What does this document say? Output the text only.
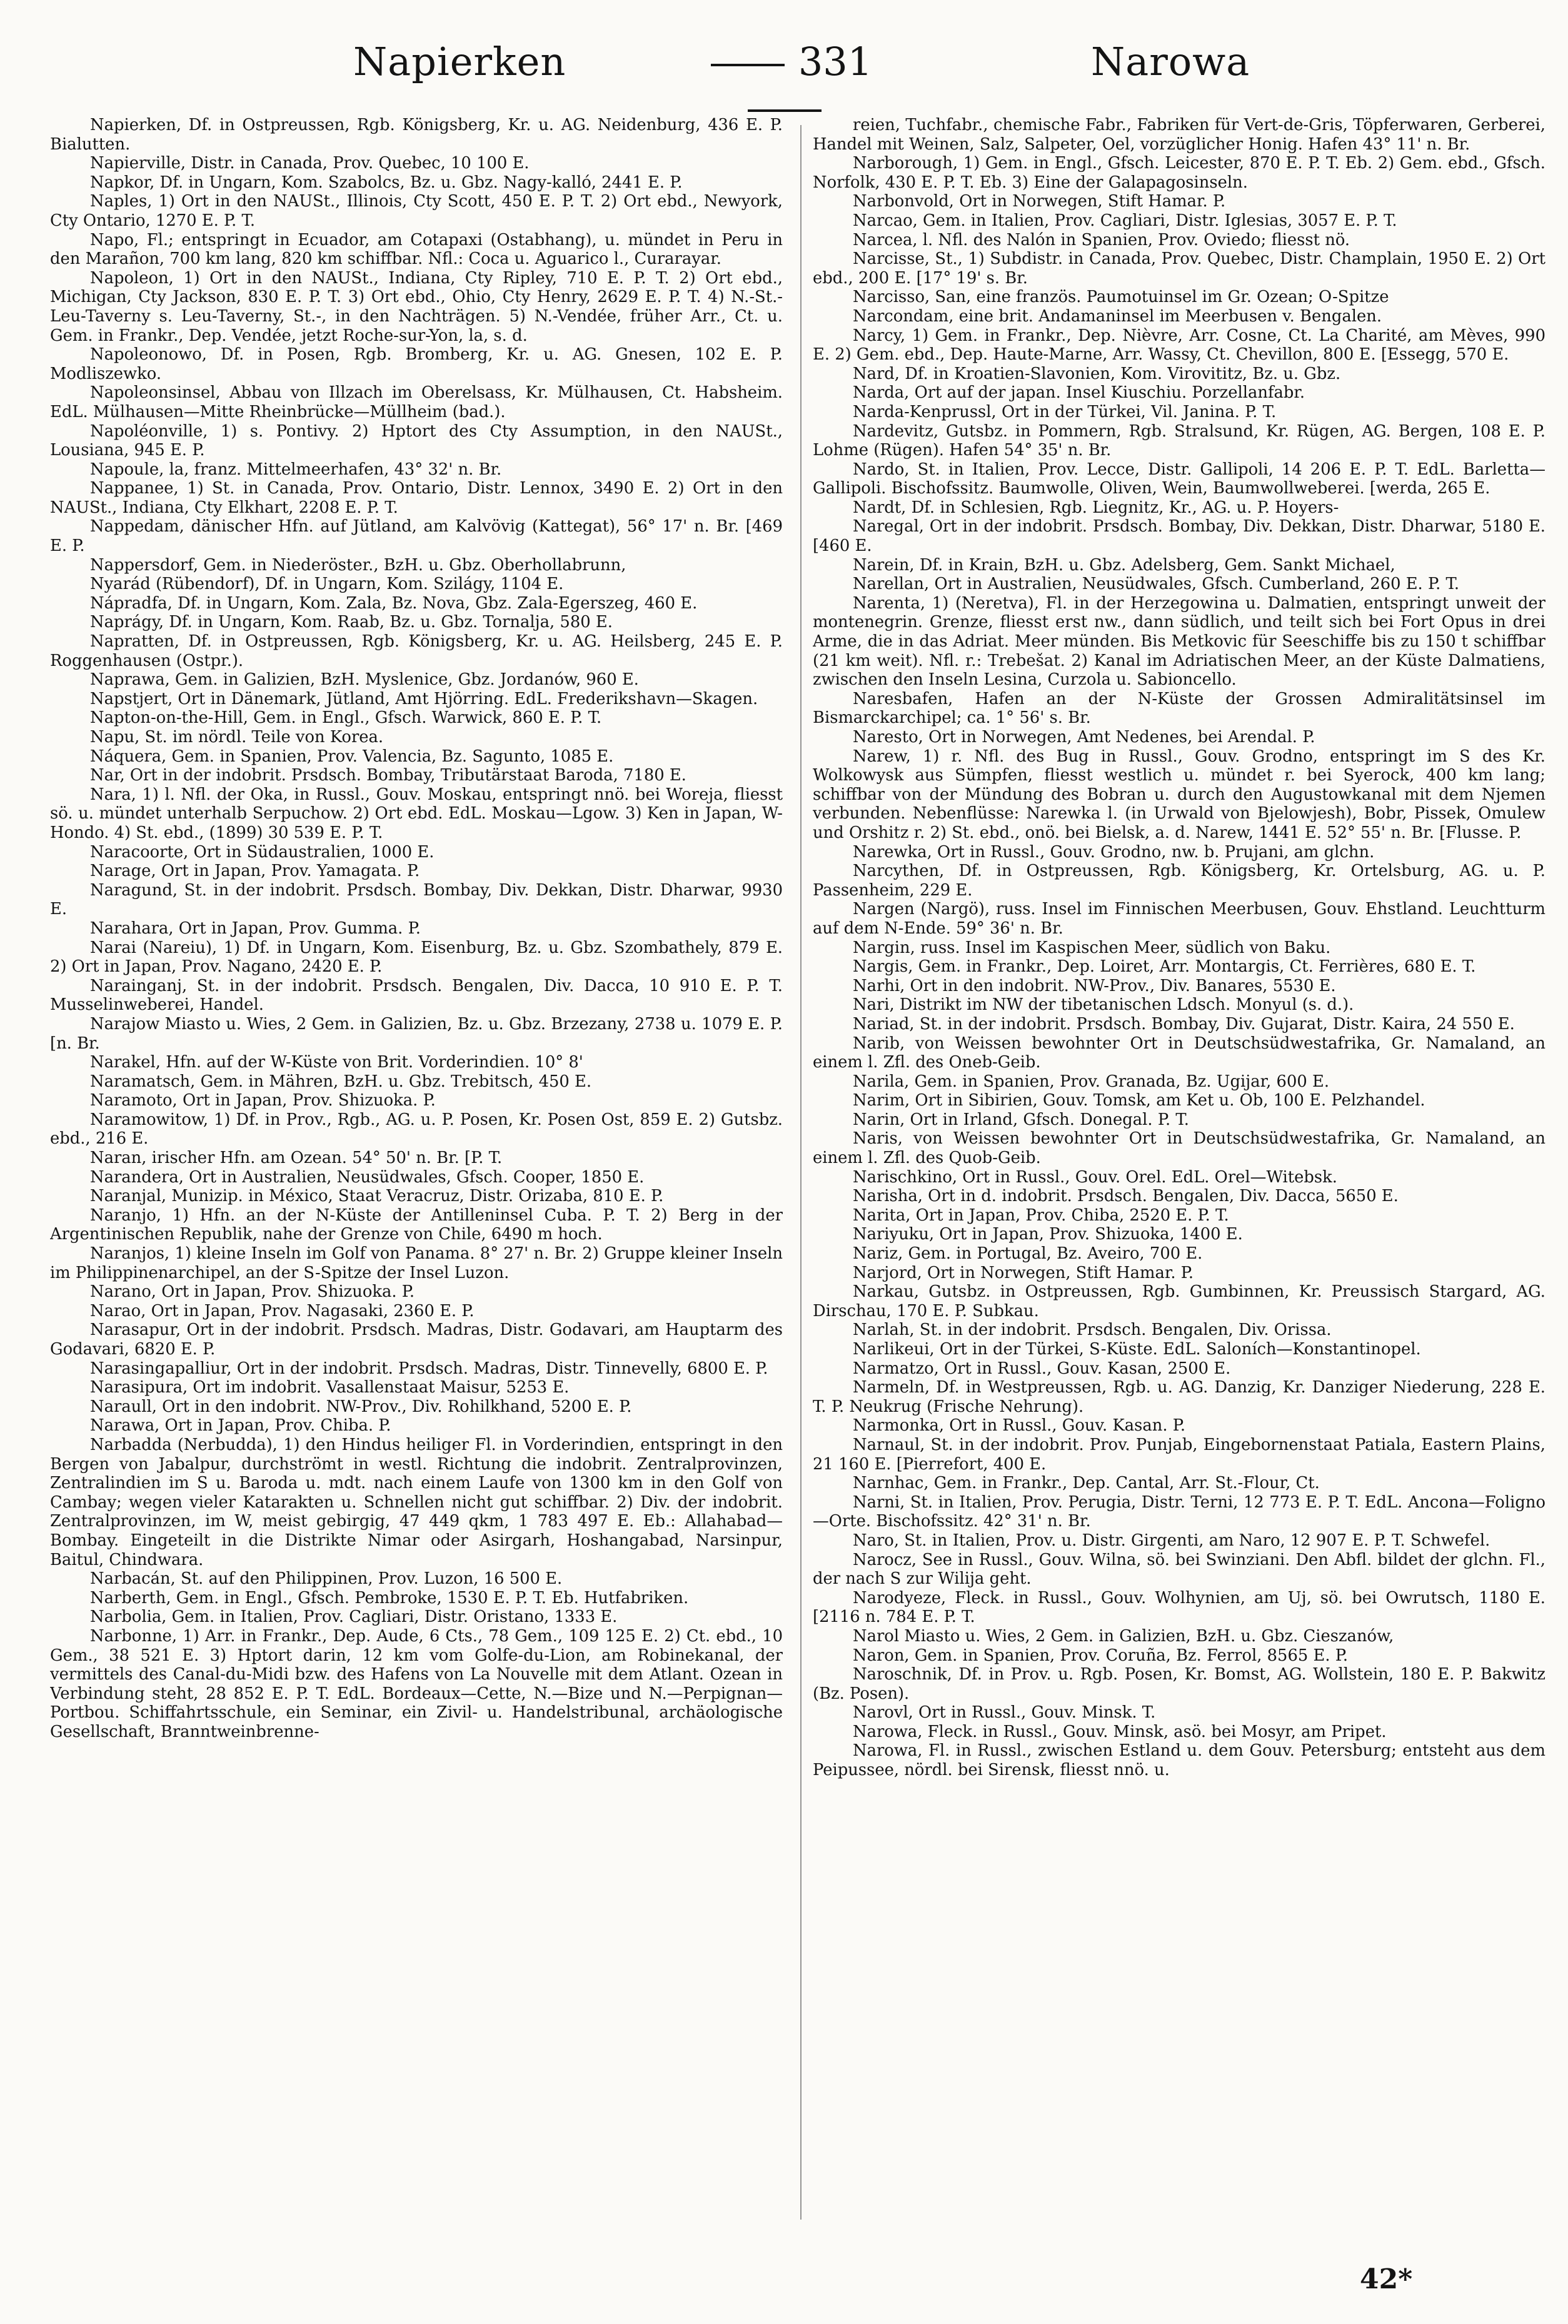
Napierken	331	Narowa

Napierken, Df. in Ostpreussen, Rgb. Königsberg, Kr. u. AG. Neidenburg, 436 E. P. Bialutten.

Napierville, Distr. in Canada, Prov. Quebec, 10 100 E.

Napkor, Df. in Ungarn, Kom. Szabolcs, Bz. u. Gbz. Nagy-kalló, 2441 E. P.

Naples, 1) Ort in den NAUSt., Illinois, Cty Scott, 450 E. P. T. 2) Ort ebd., Newyork, Cty Ontario, 1270 E. P. T.

Napo, Fl.; entspringt in Ecuador, am Cotapaxi (Ostabhang), u. mündet in Peru in den Marañon, 700 km lang, 820 km schiffbar. Nfl.: Coca u. Aguarico l., Curarayar.

Napoleon, 1) Ort in den NAUSt., Indiana, Cty Ripley, 710 E. P. T. 2) Ort ebd., Michigan, Cty Jackson, 830 E. P. T. 3) Ort ebd., Ohio, Cty Henry, 2629 E. P. T. 4) N.-St.-Leu-Taverny s. Leu-Taverny, St.-, in den Nachträgen. 5) N.-Vendée, früher Arr., Ct. u. Gem. in Frankr., Dep. Vendée, jetzt Roche-sur-Yon, la, s. d.

Napoleonowo, Df. in Posen, Rgb. Bromberg, Kr. u. AG. Gnesen, 102 E. P. Modliszewko.

Napoleonsinsel, Abbau von Illzach im Oberelsass, Kr. Mülhausen, Ct. Habsheim. EdL. Mülhausen—Mitte Rheinbrücke—Müllheim (bad.).

Napoléonville, 1) s. Pontivy. 2) Hptort des Cty Assumption, in den NAUSt., Lousiana, 945 E. P.

Napoule, la, franz. Mittelmeerhafen, 43° 32' n. Br.

Nappanee, 1) St. in Canada, Prov. Ontario, Distr. Lennox, 3490 E. 2) Ort in den NAUSt., Indiana, Cty Elkhart, 2208 E. P. T.

Nappedam, dänischer Hfn. auf Jütland, am Kalvövig (Kattegat), 56° 17' n. Br. [469 E. P.

Nappersdorf, Gem. in Niederöster., BzH. u. Gbz. Oberhollabrunn,

Nyarád (Rübendorf), Df. in Ungarn, Kom. Szilágy, 1104 E.

Nápradfa, Df. in Ungarn, Kom. Zala, Bz. Nova, Gbz. Zala-Egerszeg, 460 E.

Naprágy, Df. in Ungarn, Kom. Raab, Bz. u. Gbz. Tornalja, 580 E.

Napratten, Df. in Ostpreussen, Rgb. Königsberg, Kr. u. AG. Heilsberg, 245 E. P. Roggenhausen (Ostpr.).

Naprawa, Gem. in Galizien, BzH. Myslenice, Gbz. Jordanów, 960 E.

Napstjert, Ort in Dänemark, Jütland, Amt Hjörring. EdL. Frederikshavn—Skagen.

Napton-on-the-Hill, Gem. in Engl., Gfsch. Warwick, 860 E. P. T.

Napu, St. im nördl. Teile von Korea.

Náquera, Gem. in Spanien, Prov. Valencia, Bz. Sagunto, 1085 E.

Nar, Ort in der indobrit. Prsdsch. Bombay, Tributärstaat Baroda, 7180 E.

Nara, 1) l. Nfl. der Oka, in Russl., Gouv. Moskau, entspringt nnö. bei Woreja, fliesst sö. u. mündet unterhalb Serpuchow. 2) Ort ebd. EdL. Moskau—Lgow. 3) Ken in Japan, W-Hondo. 4) St. ebd., (1899) 30 539 E. P. T.

Naracoorte, Ort in Südaustralien, 1000 E.

Narage, Ort in Japan, Prov. Yamagata. P.

Naragund, St. in der indobrit. Prsdsch. Bombay, Div. Dekkan, Distr. Dharwar, 9930 E.

Narahara, Ort in Japan, Prov. Gumma. P.

Narai (Nareiu), 1) Df. in Ungarn, Kom. Eisenburg, Bz. u. Gbz. Szombathely, 879 E. 2) Ort in Japan, Prov. Nagano, 2420 E. P.

Narainganj, St. in der indobrit. Prsdsch. Bengalen, Div. Dacca, 10 910 E. P. T. Musselinweberei, Handel.

Narajow Miasto u. Wies, 2 Gem. in Galizien, Bz. u. Gbz. Brzezany, 2738 u. 1079 E. P. [n. Br.

Narakel, Hfn. auf der W-Küste von Brit. Vorderindien. 10° 8'

Naramatsch, Gem. in Mähren, BzH. u. Gbz. Trebitsch, 450 E.

Naramoto, Ort in Japan, Prov. Shizuoka. P.

Naramowitow, 1) Df. in Prov., Rgb., AG. u. P. Posen, Kr. Posen Ost, 859 E. 2) Gutsbz. ebd., 216 E.

Naran, irischer Hfn. am Ozean. 54° 50' n. Br. [P. T.

Narandera, Ort in Australien, Neusüdwales, Gfsch. Cooper, 1850 E.

Naranjal, Munizip. in México, Staat Veracruz, Distr. Orizaba, 810 E. P.

Naranjo, 1) Hfn. an der N-Küste der Antilleninsel Cuba. P. T. 2) Berg in der Argentinischen Republik, nahe der Grenze von Chile, 6490 m hoch.

Naranjos, 1) kleine Inseln im Golf von Panama. 8° 27' n. Br. 2) Gruppe kleiner Inseln im Philippinenarchipel, an der S-Spitze der Insel Luzon.

Narano, Ort in Japan, Prov. Shizuoka. P.

Narao, Ort in Japan, Prov. Nagasaki, 2360 E. P.

Narasapur, Ort in der indobrit. Prsdsch. Madras, Distr. Godavari, am Hauptarm des Godavari, 6820 E. P.

Narasingapalliur, Ort in der indobrit. Prsdsch. Madras, Distr. Tinnevelly, 6800 E. P.

Narasipura, Ort im indobrit. Vasallenstaat Maisur, 5253 E.

Naraull, Ort in den indobrit. NW-Prov., Div. Rohilkhand, 5200 E. P.

Narawa, Ort in Japan, Prov. Chiba. P.

Narbadda (Nerbudda), 1) den Hindus heiliger Fl. in Vorderindien, entspringt in den Bergen von Jabalpur, durchströmt in westl. Richtung die indobrit. Zentralprovinzen, Zentralindien im S u. Baroda u. mdt. nach einem Laufe von 1300 km in den Golf von Cambay; wegen vieler Katarakten u. Schnellen nicht gut schiffbar. 2) Div. der indobrit. Zentralprovinzen, im W, meist gebirgig, 47 449 qkm, 1 783 497 E. Eb.: Allahabad—Bombay. Eingeteilt in die Distrikte Nimar oder Asirgarh, Hoshangabad, Narsinpur, Baitul, Chindwara.

Narbacán, St. auf den Philippinen, Prov. Luzon, 16 500 E.

Narberth, Gem. in Engl., Gfsch. Pembroke, 1530 E. P. T. Eb. Hutfabriken.

Narbolia, Gem. in Italien, Prov. Cagliari, Distr. Oristano, 1333 E.

Narbonne, 1) Arr. in Frankr., Dep. Aude, 6 Cts., 78 Gem., 109 125 E. 2) Ct. ebd., 10 Gem., 38 521 E. 3) Hptort darin, 12 km vom Golfe-du-Lion, am Robinekanal, der vermittels des Canal-du-Midi bzw. des Hafens von La Nouvelle mit dem Atlant. Ozean in Verbindung steht, 28 852 E. P. T. EdL. Bordeaux—Cette, N.—Bize und N.—Perpignan—Portbou. Schiffahrtsschule, ein Seminar, ein Zivil- u. Handelstribunal, archäologische Gesellschaft, Branntweinbrenne-

reien, Tuchfabr., chemische Fabr., Fabriken für Vert-de-Gris, Töpferwaren, Gerberei, Handel mit Weinen, Salz, Salpeter, Oel, vorzüglicher Honig. Hafen 43° 11' n. Br.

Narborough, 1) Gem. in Engl., Gfsch. Leicester, 870 E. P. T. Eb. 2) Gem. ebd., Gfsch. Norfolk, 430 E. P. T. Eb. 3) Eine der Galapagosinseln.

Narbonvold, Ort in Norwegen, Stift Hamar. P.

Narcao, Gem. in Italien, Prov. Cagliari, Distr. Iglesias, 3057 E. P. T.

Narcea, l. Nfl. des Nalón in Spanien, Prov. Oviedo; fliesst nö.

Narcisse, St., 1) Subdistr. in Canada, Prov. Quebec, Distr. Champlain, 1950 E. 2) Ort ebd., 200 E. [17° 19' s. Br.

Narcisso, San, eine französ. Paumotuinsel im Gr. Ozean; O-Spitze

Narcondam, eine brit. Andamaninsel im Meerbusen v. Bengalen.

Narcy, 1) Gem. in Frankr., Dep. Nièvre, Arr. Cosne, Ct. La Charité, am Mèves, 990 E. 2) Gem. ebd., Dep. Haute-Marne, Arr. Wassy, Ct. Chevillon, 800 E. [Essegg, 570 E.

Nard, Df. in Kroatien-Slavonien, Kom. Virovititz, Bz. u. Gbz.

Narda, Ort auf der japan. Insel Kiuschiu. Porzellanfabr.

Narda-Kenprussl, Ort in der Türkei, Vil. Janina. P. T.

Nardevitz, Gutsbz. in Pommern, Rgb. Stralsund, Kr. Rügen, AG. Bergen, 108 E. P. Lohme (Rügen). Hafen 54° 35' n. Br.

Nardo, St. in Italien, Prov. Lecce, Distr. Gallipoli, 14 206 E. P. T. EdL. Barletta—Gallipoli. Bischofssitz. Baumwolle, Oliven, Wein, Baumwollweberei. [werda, 265 E.

Nardt, Df. in Schlesien, Rgb. Liegnitz, Kr., AG. u. P. Hoyers-

Naregal, Ort in der indobrit. Prsdsch. Bombay, Div. Dekkan, Distr. Dharwar, 5180 E. [460 E.

Narein, Df. in Krain, BzH. u. Gbz. Adelsberg, Gem. Sankt Michael,

Narellan, Ort in Australien, Neusüdwales, Gfsch. Cumberland, 260 E. P. T.

Narenta, 1) (Neretva), Fl. in der Herzegowina u. Dalmatien, entspringt unweit der montenegrin. Grenze, fliesst erst nw., dann südlich, und teilt sich bei Fort Opus in drei Arme, die in das Adriat. Meer münden. Bis Metkovic für Seeschiffe bis zu 150 t schiffbar (21 km weit). Nfl. r.: Trebešat. 2) Kanal im Adriatischen Meer, an der Küste Dalmatiens, zwischen den Inseln Lesina, Curzola u. Sabioncello.

Naresbafen, Hafen an der N-Küste der Grossen Admiralitätsinsel im Bismarckarchipel; ca. 1° 56' s. Br.

Naresto, Ort in Norwegen, Amt Nedenes, bei Arendal. P.

Narew, 1) r. Nfl. des Bug in Russl., Gouv. Grodno, entspringt im S des Kr. Wolkowysk aus Sümpfen, fliesst westlich u. mündet r. bei Syerock, 400 km lang; schiffbar von der Mündung des Bobran u. durch den Augustowkanal mit dem Njemen verbunden. Nebenflüsse: Narewka l. (in Urwald von Bjelowjesh), Bobr, Pissek, Omulew und Orshitz r. 2) St. ebd., onö. bei Bielsk, a. d. Narew, 1441 E. 52° 55' n. Br. [Flusse. P.

Narewka, Ort in Russl., Gouv. Grodno, nw. b. Prujani, am glchn.

Narcythen, Df. in Ostpreussen, Rgb. Königsberg, Kr. Ortelsburg, AG. u. P. Passenheim, 229 E.

Nargen (Nargö), russ. Insel im Finnischen Meerbusen, Gouv. Ehstland. Leuchtturm auf dem N-Ende. 59° 36' n. Br.

Nargin, russ. Insel im Kaspischen Meer, südlich von Baku.

Nargis, Gem. in Frankr., Dep. Loiret, Arr. Montargis, Ct. Ferrières, 680 E. T.

Narhi, Ort in den indobrit. NW-Prov., Div. Banares, 5530 E.

Nari, Distrikt im NW der tibetanischen Ldsch. Monyul (s. d.).

Nariad, St. in der indobrit. Prsdsch. Bombay, Div. Gujarat, Distr. Kaira, 24 550 E.

Narib, von Weissen bewohnter Ort in Deutschsüdwestafrika, Gr. Namaland, an einem l. Zfl. des Oneb-Geib.

Narila, Gem. in Spanien, Prov. Granada, Bz. Ugijar, 600 E.

Narim, Ort in Sibirien, Gouv. Tomsk, am Ket u. Ob, 100 E. Pelzhandel.

Narin, Ort in Irland, Gfsch. Donegal. P. T.

Naris, von Weissen bewohnter Ort in Deutschsüdwestafrika, Gr. Namaland, an einem l. Zfl. des Quob-Geib.

Narischkino, Ort in Russl., Gouv. Orel. EdL. Orel—Witebsk.

Narisha, Ort in d. indobrit. Prsdsch. Bengalen, Div. Dacca, 5650 E.

Narita, Ort in Japan, Prov. Chiba, 2520 E. P. T.

Nariyuku, Ort in Japan, Prov. Shizuoka, 1400 E.

Nariz, Gem. in Portugal, Bz. Aveiro, 700 E.

Narjord, Ort in Norwegen, Stift Hamar. P.

Narkau, Gutsbz. in Ostpreussen, Rgb. Gumbinnen, Kr. Preussisch Stargard, AG. Dirschau, 170 E. P. Subkau.

Narlah, St. in der indobrit. Prsdsch. Bengalen, Div. Orissa.

Narlikeui, Ort in der Türkei, S-Küste. EdL. Saloních—Konstantinopel.

Narmatzo, Ort in Russl., Gouv. Kasan, 2500 E.

Narmeln, Df. in Westpreussen, Rgb. u. AG. Danzig, Kr. Danziger Niederung, 228 E. T. P. Neukrug (Frische Nehrung).

Narmonka, Ort in Russl., Gouv. Kasan. P.

Narnaul, St. in der indobrit. Prov. Punjab, Eingebornenstaat Patiala, Eastern Plains, 21 160 E. [Pierrefort, 400 E.

Narnhac, Gem. in Frankr., Dep. Cantal, Arr. St.-Flour, Ct.

Narni, St. in Italien, Prov. Perugia, Distr. Terni, 12 773 E. P. T. EdL. Ancona—Foligno—Orte. Bischofssitz. 42° 31' n. Br.

Naro, St. in Italien, Prov. u. Distr. Girgenti, am Naro, 12 907 E. P. T. Schwefel.

Narocz, See in Russl., Gouv. Wilna, sö. bei Swinziani. Den Abfl. bildet der glchn. Fl., der nach S zur Wilija geht.

Narodyeze, Fleck. in Russl., Gouv. Wolhynien, am Uj, sö. bei Owrutsch, 1180 E. [2116 n. 784 E. P. T.

Narol Miasto u. Wies, 2 Gem. in Galizien, BzH. u. Gbz. Cieszanów,

Naron, Gem. in Spanien, Prov. Coruña, Bz. Ferrol, 8565 E. P.

Naroschnik, Df. in Prov. u. Rgb. Posen, Kr. Bomst, AG. Wollstein, 180 E. P. Bakwitz (Bz. Posen).

Narovl, Ort in Russl., Gouv. Minsk. T.

Narowa, Fleck. in Russl., Gouv. Minsk, asö. bei Mosyr, am Pripet.

Narowa, Fl. in Russl., zwischen Estland u. dem Gouv. Petersburg; entsteht aus dem Peipussee, nördl. bei Sirensk, fliesst nnö. u.

42*
